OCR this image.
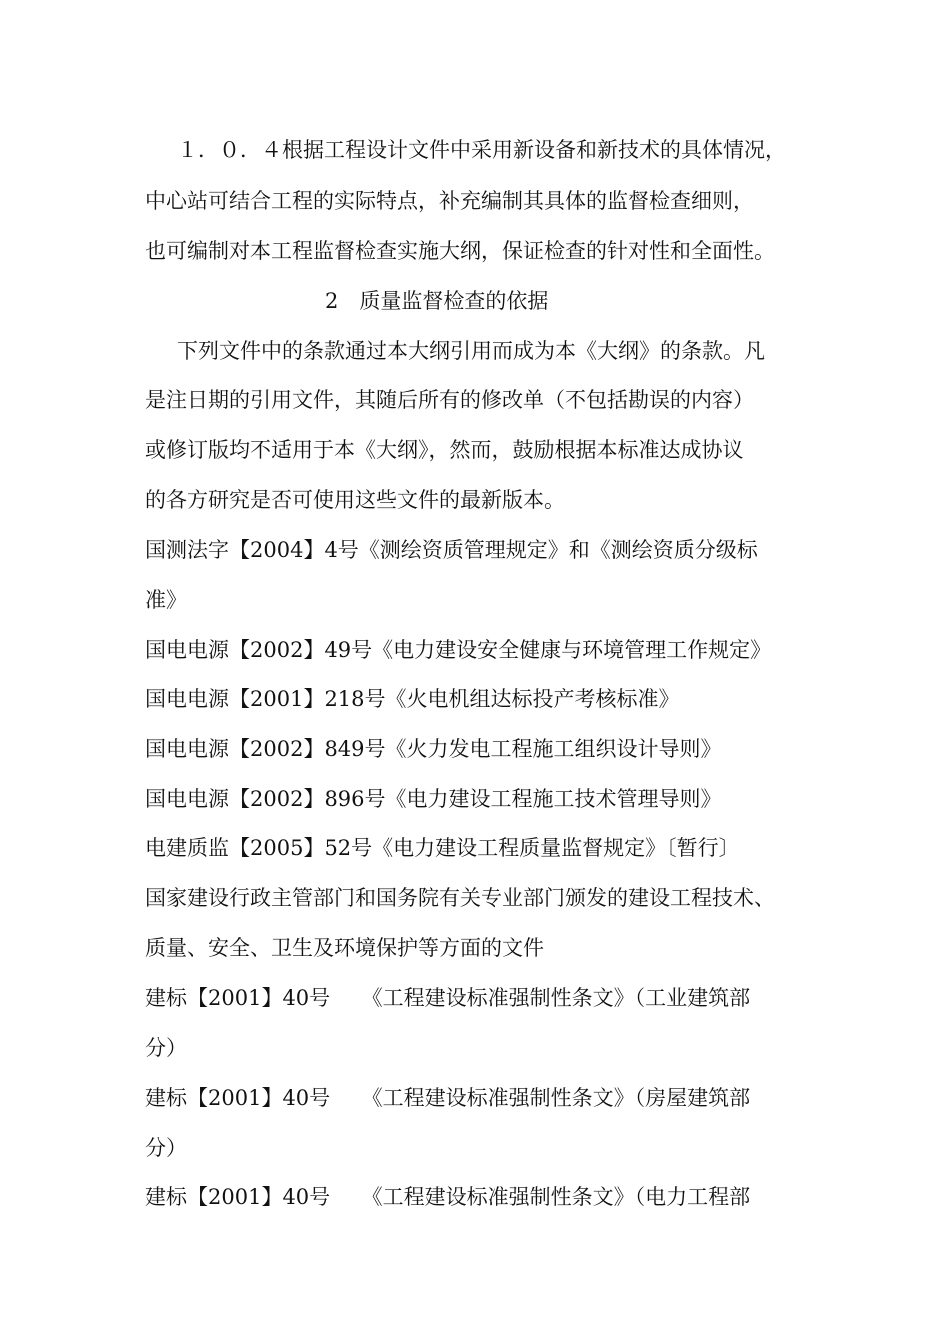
１．０．４根据工程设计文件中采用新设备和新技术的具体情况，

中心站可结合工程的实际特点，补充编制其具体的监督检查细则，

也可编制对本工程监督检查实施大纲，保证检查的针对性和全面性。

2　质量监督检查的依据

下列文件中的条款通过本大纲引用而成为本《大纲》的条款。凡

是注日期的引用文件，其随后所有的修改单（不包括勘误的内容）

或修订版均不适用于本《大纲》，然而，鼓励根据本标准达成协议

的各方研究是否可使用这些文件的最新版本。

国测法字【2004】4号《测绘资质管理规定》和《测绘资质分级标

准》

国电电源【2002】49号《电力建设安全健康与环境管理工作规定》

国电电源【2001】218号《火电机组达标投产考核标准》

国电电源【2002】849号《火力发电工程施工组织设计导则》

国电电源【2002】896号《电力建设工程施工技术管理导则》

电建质监【2005】52号《电力建设工程质量监督规定》〔暂行〕

国家建设行政主管部门和国务院有关专业部门颁发的建设工程技术、

质量、安全、卫生及环境保护等方面的文件

建标【2001】40号　　《工程建设标准强制性条文》（工业建筑部

分）

建标【2001】40号　　《工程建设标准强制性条文》（房屋建筑部

分）

建标【2001】40号　　《工程建设标准强制性条文》（电力工程部
